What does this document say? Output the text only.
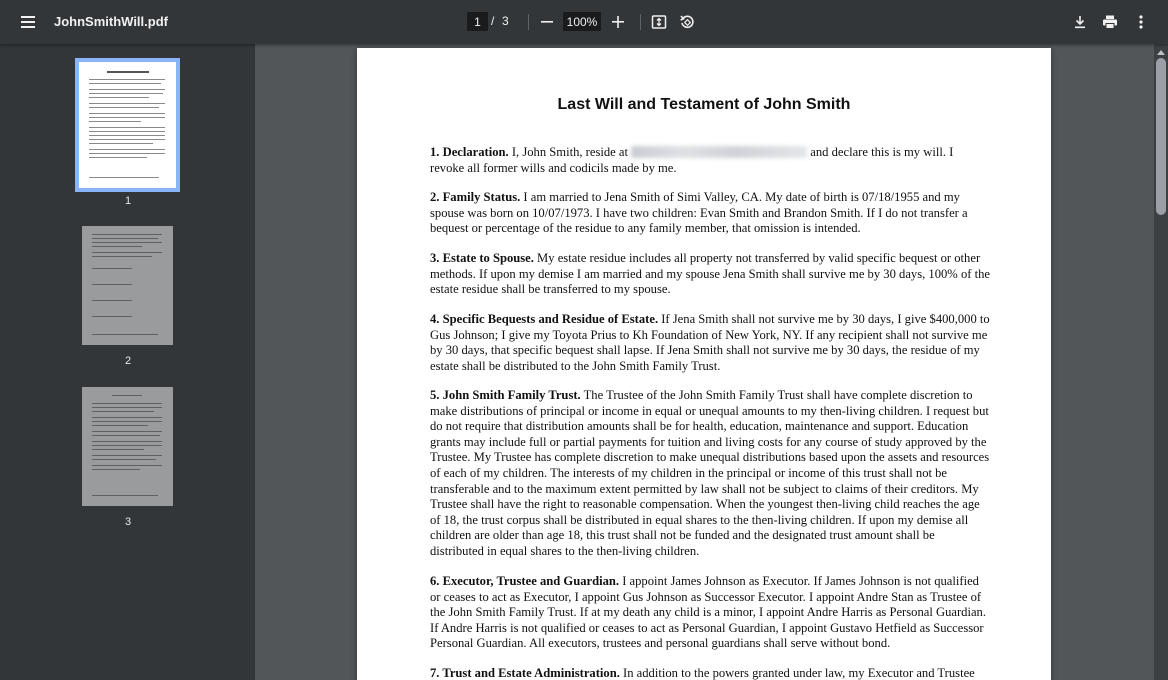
JohnSmithWill.pdf	1 / 3	100%
1
2
3
Last Will and Testament of John Smith
1. Declaration. I, John Smith, reside at	and declare this is my will. I revoke all former wills and codicils made by me.
2. Family Status. I am married to Jena Smith of Simi Valley, CA. My date of birth is 07/18/1955 and my spouse was born on 10/07/1973. I have two children: Evan Smith and Brandon Smith. If I do not transfer a bequest or percentage of the residue to any family member, that omission is intended.
3. Estate to Spouse. My estate residue includes all property not transferred by valid specific bequest or other methods. If upon my demise I am married and my spouse Jena Smith shall survive me by 30 days, 100% of the estate residue shall be transferred to my spouse.
4. Specific Bequests and Residue of Estate. If Jena Smith shall not survive me by 30 days, I give $400,000 to Gus Johnson; I give my Toyota Prius to Kh Foundation of New York, NY. If any recipient shall not survive me by 30 days, that specific bequest shall lapse. If Jena Smith shall not survive me by 30 days, the residue of my estate shall be distributed to the John Smith Family Trust.
5. John Smith Family Trust. The Trustee of the John Smith Family Trust shall have complete discretion to make distributions of principal or income in equal or unequal amounts to my then-living children. I request but do not require that distribution amounts shall be for health, education, maintenance and support. Education grants may include full or partial payments for tuition and living costs for any course of study approved by the Trustee. My Trustee has complete discretion to make unequal distributions based upon the assets and resources of each of my children. The interests of my children in the principal or income of this trust shall not be transferable and to the maximum extent permitted by law shall not be subject to claims of their creditors. My Trustee shall have the right to reasonable compensation. When the youngest then-living child reaches the age of 18, the trust corpus shall be distributed in equal shares to the then-living children. If upon my demise all children are older than age 18, this trust shall not be funded and the designated trust amount shall be distributed in equal shares to the then-living children.
6. Executor, Trustee and Guardian. I appoint James Johnson as Executor. If James Johnson is not qualified or ceases to act as Executor, I appoint Gus Johnson as Successor Executor. I appoint Andre Stan as Trustee of the John Smith Family Trust. If at my death any child is a minor, I appoint Andre Harris as Personal Guardian. If Andre Harris is not qualified or ceases to act as Personal Guardian, I appoint Gustavo Hetfield as Successor Personal Guardian. All executors, trustees and personal guardians shall serve without bond.
7. Trust and Estate Administration. In addition to the powers granted under law, my Executor and Trustee
